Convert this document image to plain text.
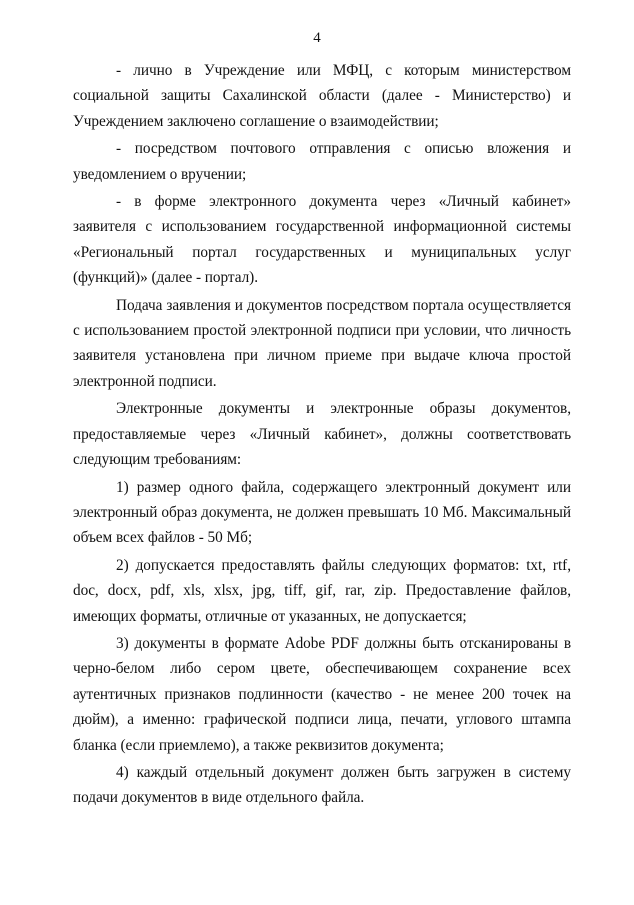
4

- лично в Учреждение или МФЦ, с которым министерством социальной защиты Сахалинской области (далее - Министерство) и Учреждением заключено соглашение о взаимодействии;

- посредством почтового отправления с описью вложения и уведомлением о вручении;

- в форме электронного документа через «Личный кабинет» заявителя с использованием государственной информационной системы «Региональный портал государственных и муниципальных услуг (функций)» (далее - портал).

Подача заявления и документов посредством портала осуществляется с использованием простой электронной подписи при условии, что личность заявителя установлена при личном приеме при выдаче ключа простой электронной подписи.

Электронные документы и электронные образы документов, предоставляемые через «Личный кабинет», должны соответствовать следующим требованиям:

1) размер одного файла, содержащего электронный документ или электронный образ документа, не должен превышать 10 Мб. Максимальный объем всех файлов - 50 Мб;

2) допускается предоставлять файлы следующих форматов: txt, rtf, doc, docx, pdf, xls, xlsx, jpg, tiff, gif, rar, zip. Предоставление файлов, имеющих форматы, отличные от указанных, не допускается;

3) документы в формате Adobe PDF должны быть отсканированы в черно-белом либо сером цвете, обеспечивающем сохранение всех аутентичных признаков подлинности (качество - не менее 200 точек на дюйм), а именно: графической подписи лица, печати, углового штампа бланка (если приемлемо), а также реквизитов документа;

4) каждый отдельный документ должен быть загружен в систему подачи документов в виде отдельного файла.
